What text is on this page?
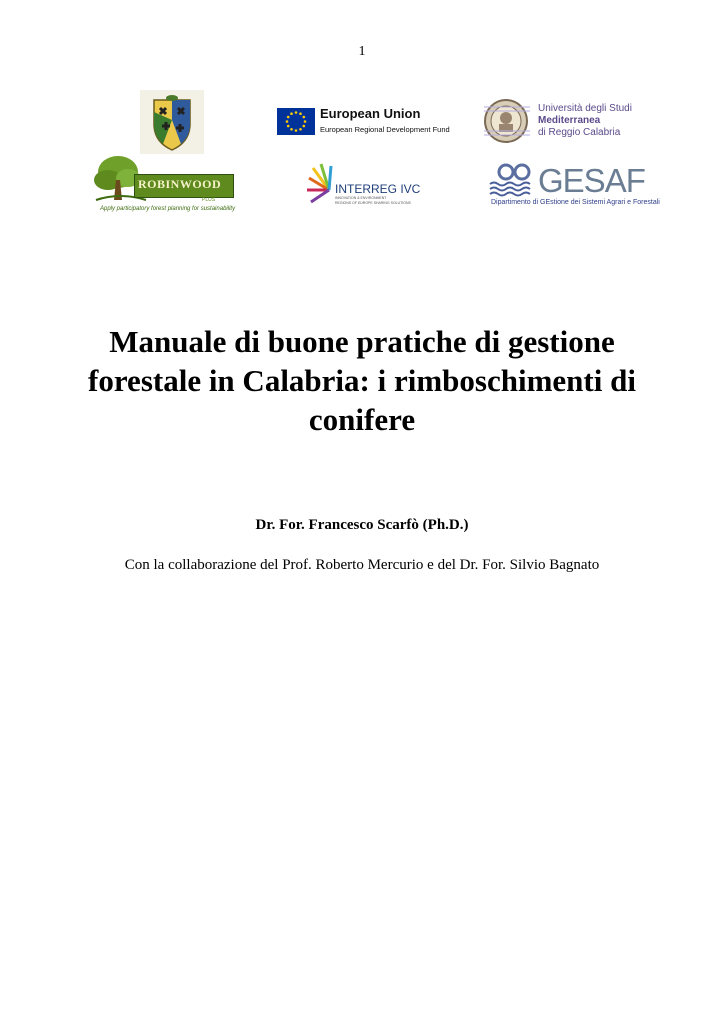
1
European Union
European Regional Development Fund
Università degli Studi
Mediterranea
di Reggio Calabria
ROBINWOOD
PLUS
Apply participatory forest planning for sustainability
INTERREG IVC
INNOVATION & ENVIRONMENT
REGIONS OF EUROPE SHARING SOLUTIONS
GESAF
Dipartimento di GEstione dei Sistemi Agrari e Forestali
Manuale di buone pratiche di gestione
forestale in Calabria: i rimboschimenti di
conifere
Dr. For. Francesco Scarfò (Ph.D.)
Con la collaborazione del Prof. Roberto Mercurio e del Dr. For. Silvio Bagnato
